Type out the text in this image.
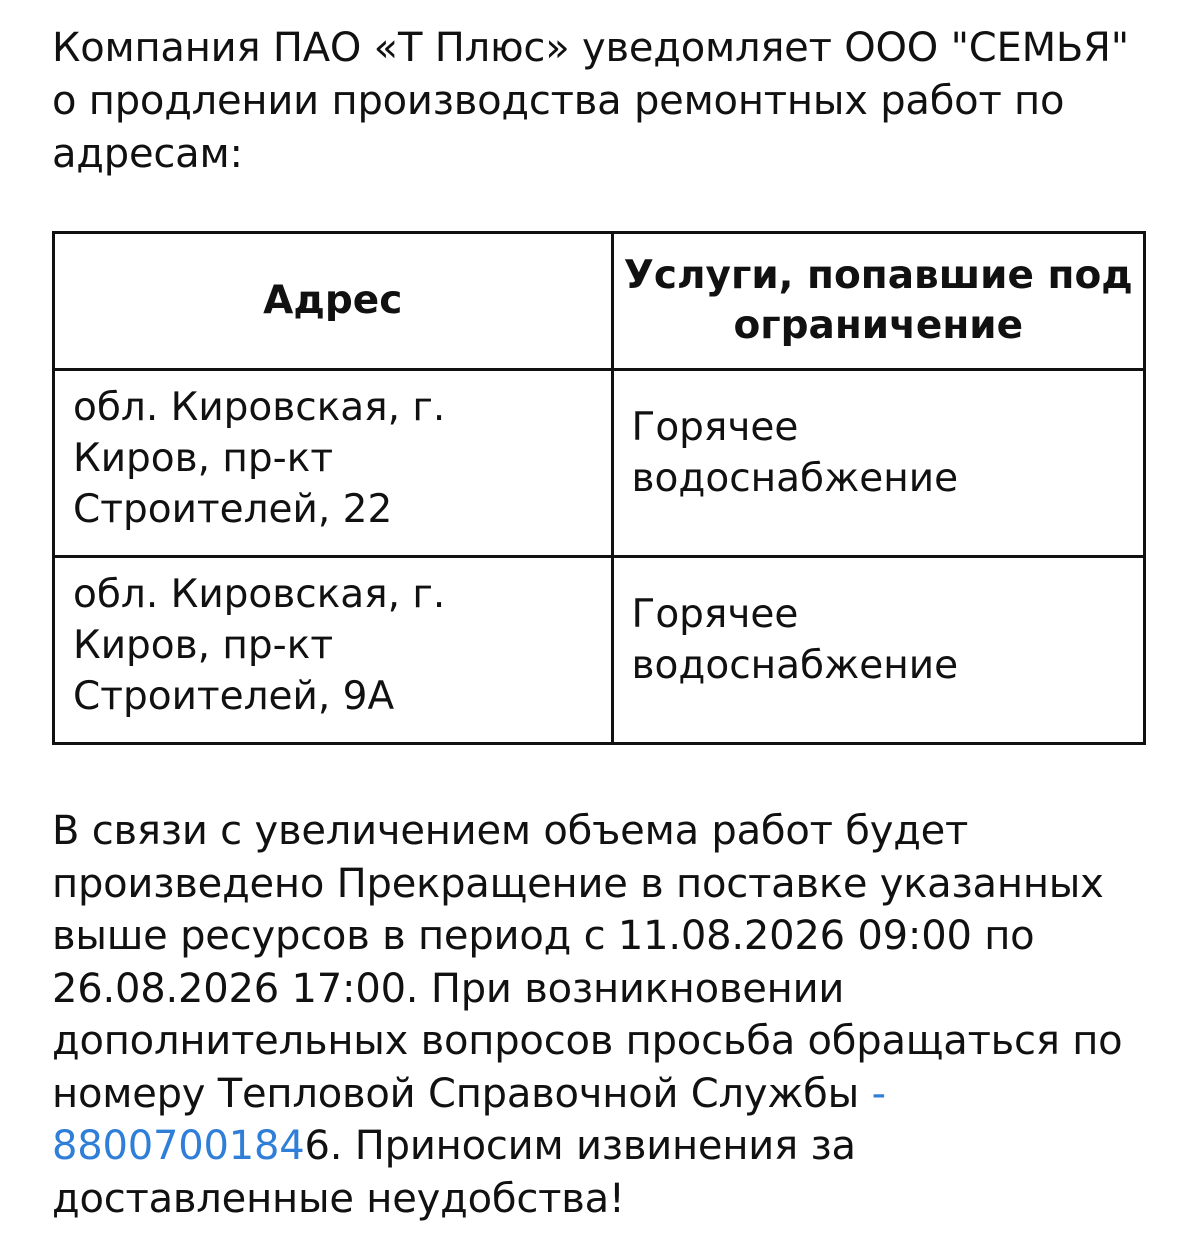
Компания ПАО «Т Плюс» уведомляет ООО "СЕМЬЯ" о продлении производства ремонтных работ по адресам:

Адрес	Услуги, попавшие под ограничение

обл. Кировская, г. Киров, пр-кт Строителей, 22	Горячее водоснабжение

обл. Кировская, г. Киров, пр-кт Строителей, 9А	Горячее водоснабжение

В связи с увеличением объема работ будет произведено Прекращение в поставке указанных выше ресурсов в период с 11.08.2026 09:00 по 26.08.2026 17:00. При возникновении дополнительных вопросов просьба обращаться по номеру Тепловой Справочной Службы - 88007001846. Приносим извинения за доставленные неудобства!
